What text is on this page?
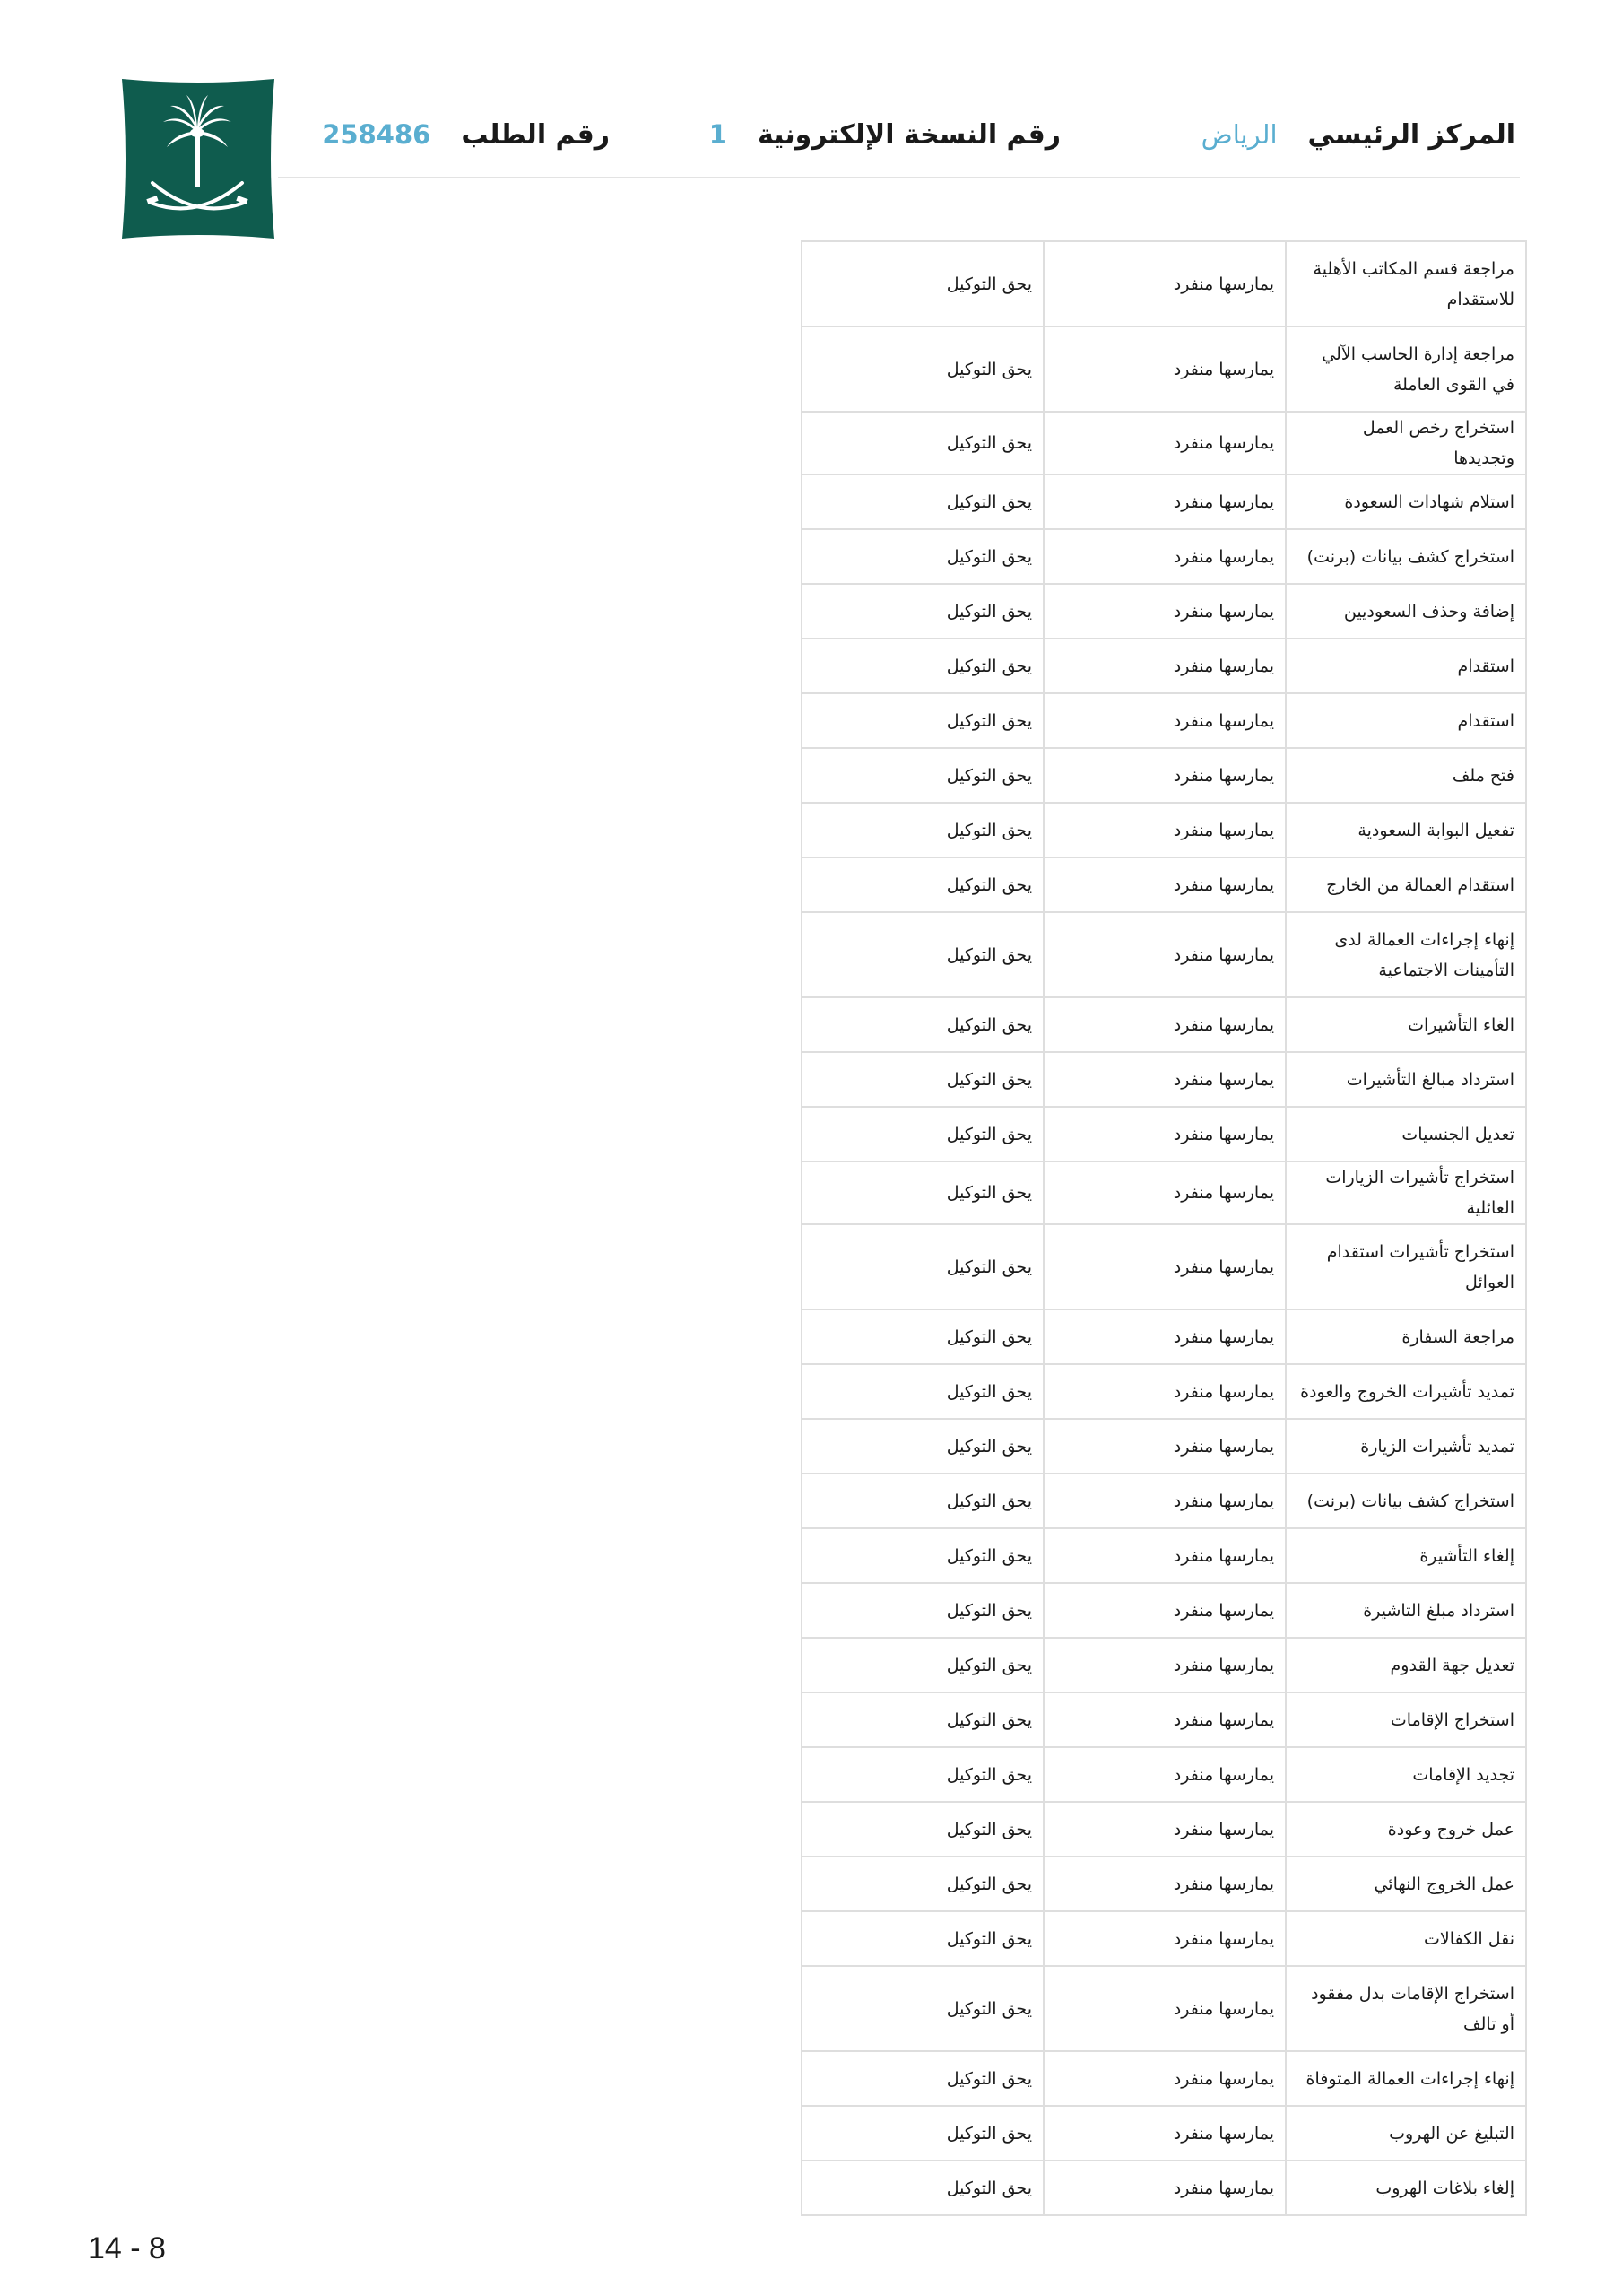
المركز الرئيسي
الرياض
رقم النسخة الإلكترونية
1
رقم الطلب
258486
مراجعة قسم المكاتب الأهلية للاستقدام	يمارسها منفرد	يحق التوكيل
مراجعة إدارة الحاسب الآلي في القوى العاملة	يمارسها منفرد	يحق التوكيل
استخراج رخص العمل وتجديدها	يمارسها منفرد	يحق التوكيل
استلام شهادات السعودة	يمارسها منفرد	يحق التوكيل
استخراج كشف بيانات (برنت)	يمارسها منفرد	يحق التوكيل
إضافة وحذف السعوديين	يمارسها منفرد	يحق التوكيل
استقدام	يمارسها منفرد	يحق التوكيل
استقدام	يمارسها منفرد	يحق التوكيل
فتح ملف	يمارسها منفرد	يحق التوكيل
تفعيل البوابة السعودية	يمارسها منفرد	يحق التوكيل
استقدام العمالة من الخارج	يمارسها منفرد	يحق التوكيل
إنهاء إجراءات العمالة لدى التأمينات الاجتماعية	يمارسها منفرد	يحق التوكيل
الغاء التأشيرات	يمارسها منفرد	يحق التوكيل
استرداد مبالغ التأشيرات	يمارسها منفرد	يحق التوكيل
تعديل الجنسيات	يمارسها منفرد	يحق التوكيل
استخراج تأشيرات الزيارات العائلية	يمارسها منفرد	يحق التوكيل
استخراج تأشيرات استقدام العوائل	يمارسها منفرد	يحق التوكيل
مراجعة السفارة	يمارسها منفرد	يحق التوكيل
تمديد تأشيرات الخروج والعودة	يمارسها منفرد	يحق التوكيل
تمديد تأشيرات الزيارة	يمارسها منفرد	يحق التوكيل
استخراج كشف بيانات (برنت)	يمارسها منفرد	يحق التوكيل
إلغاء التأشيرة	يمارسها منفرد	يحق التوكيل
استرداد مبلغ التاشيرة	يمارسها منفرد	يحق التوكيل
تعديل جهة القدوم	يمارسها منفرد	يحق التوكيل
استخراج الإقامات	يمارسها منفرد	يحق التوكيل
تجديد الإقامات	يمارسها منفرد	يحق التوكيل
عمل خروج وعودة	يمارسها منفرد	يحق التوكيل
عمل الخروج النهائي	يمارسها منفرد	يحق التوكيل
نقل الكفالات	يمارسها منفرد	يحق التوكيل
استخراج الإقامات بدل مفقود أو تالف	يمارسها منفرد	يحق التوكيل
إنهاء إجراءات العمالة المتوفاة	يمارسها منفرد	يحق التوكيل
التبليغ عن الهروب	يمارسها منفرد	يحق التوكيل
إلغاء بلاغات الهروب	يمارسها منفرد	يحق التوكيل
14 - 8
